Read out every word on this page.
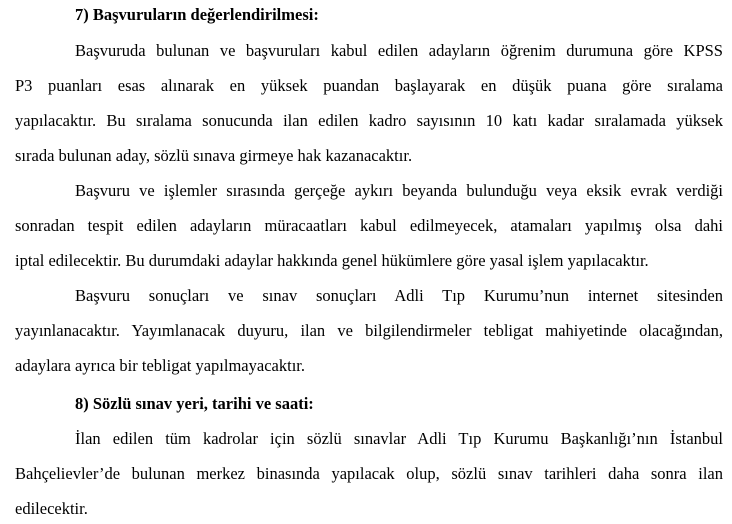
7) Başvuruların değerlendirilmesi:
Başvuruda bulunan ve başvuruları kabul edilen adayların öğrenim durumuna göre KPSS
P3 puanları esas alınarak en yüksek puandan başlayarak en düşük puana göre sıralama
yapılacaktır. Bu sıralama sonucunda ilan edilen kadro sayısının 10 katı kadar sıralamada yüksek
sırada bulunan aday, sözlü sınava girmeye hak kazanacaktır.
Başvuru ve işlemler sırasında gerçeğe aykırı beyanda bulunduğu veya eksik evrak verdiği
sonradan tespit edilen adayların müracaatları kabul edilmeyecek, atamaları yapılmış olsa dahi
iptal edilecektir. Bu durumdaki adaylar hakkında genel hükümlere göre yasal işlem yapılacaktır.
Başvuru sonuçları ve sınav sonuçları Adli Tıp Kurumu’nun internet sitesinden
yayınlanacaktır. Yayımlanacak duyuru, ilan ve bilgilendirmeler tebligat mahiyetinde olacağından,
adaylara ayrıca bir tebligat yapılmayacaktır.
8) Sözlü sınav yeri, tarihi ve saati:
İlan edilen tüm kadrolar için sözlü sınavlar Adli Tıp Kurumu Başkanlığı’nın İstanbul
Bahçelievler’de bulunan merkez binasında yapılacak olup, sözlü sınav tarihleri daha sonra ilan
edilecektir.
